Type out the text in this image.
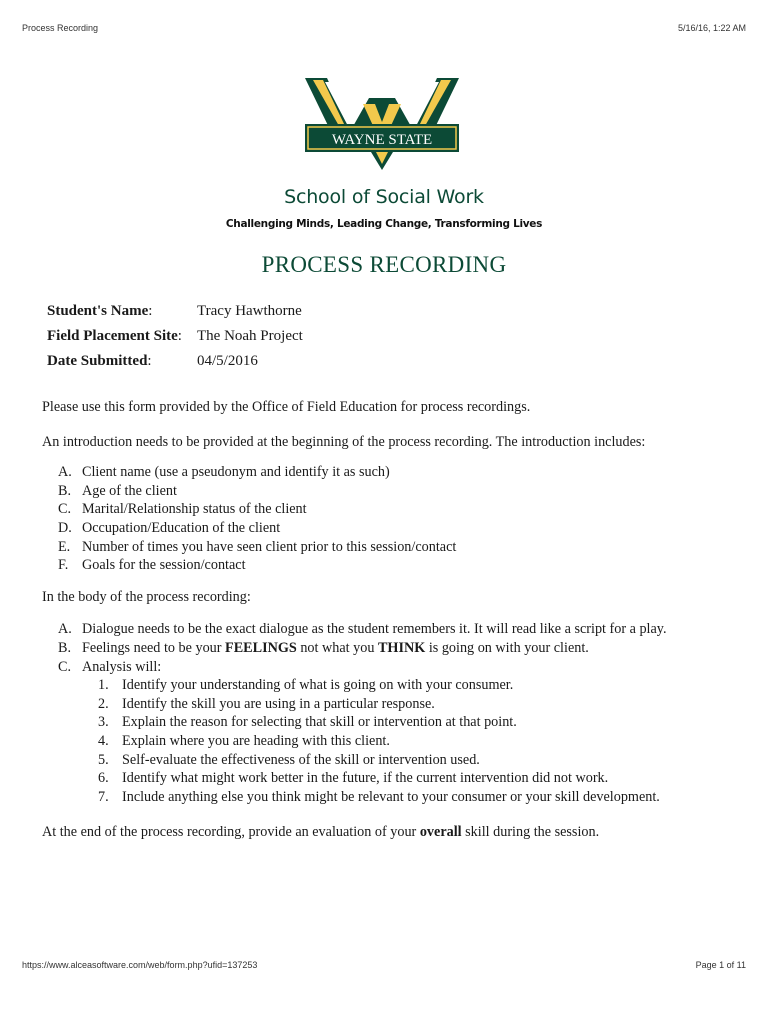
Process Recording	5/16/16, 1:22 AM
WAYNE STATE
School of Social Work
Challenging Minds, Leading Change, Transforming Lives
PROCESS RECORDING
Student's Name:	Tracy Hawthorne
Field Placement Site:	The Noah Project
Date Submitted:	04/5/2016

Please use this form provided by the Office of Field Education for process recordings.

An introduction needs to be provided at the beginning of the process recording. The introduction includes:

A. Client name (use a pseudonym and identify it as such)
B. Age of the client
C. Marital/Relationship status of the client
D. Occupation/Education of the client
E. Number of times you have seen client prior to this session/contact
F. Goals for the session/contact

In the body of the process recording:

A. Dialogue needs to be the exact dialogue as the student remembers it. It will read like a script for a play.
B. Feelings need to be your FEELINGS not what you THINK is going on with your client.
C. Analysis will:
1. Identify your understanding of what is going on with your consumer.
2. Identify the skill you are using in a particular response.
3. Explain the reason for selecting that skill or intervention at that point.
4. Explain where you are heading with this client.
5. Self-evaluate the effectiveness of the skill or intervention used.
6. Identify what might work better in the future, if the current intervention did not work.
7. Include anything else you think might be relevant to your consumer or your skill development.

At the end of the process recording, provide an evaluation of your overall skill during the session.

https://www.alceasoftware.com/web/form.php?ufid=137253	Page 1 of 11
